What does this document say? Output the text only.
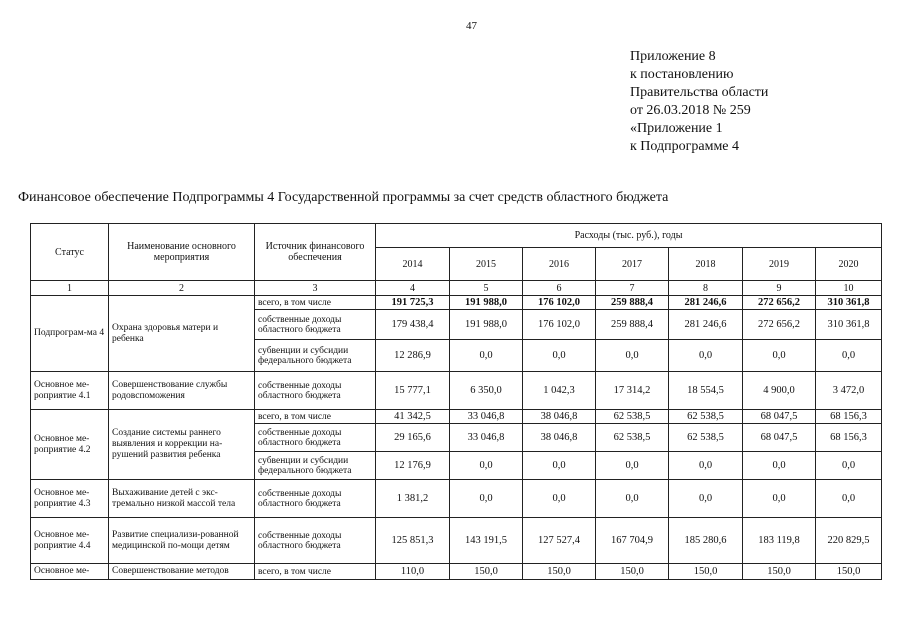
47
Приложение 8
к постановлению
Правительства области
от 26.03.2018 № 259
«Приложение 1
к Подпрограмме 4
Финансовое обеспечение Подпрограммы 4 Государственной программы за счет средств областного бюджета
Статус	Наименование основного мероприятия	Источник финансового обеспечения	Расходы (тыс. руб.), годы						
			2014	2015	2016	2017	2018	2019	2020
1	2	3	4	5	6	7	8	9	10
Подпрограм-ма 4	Охрана здоровья матери и ребенка	всего, в том числе	191 725,3	191 988,0	176 102,0	259 888,4	281 246,6	272 656,2	310 361,8
		собственные доходы областного бюджета	179 438,4	191 988,0	176 102,0	259 888,4	281 246,6	272 656,2	310 361,8
		субвенции и субсидии федерального бюджета	12 286,9	0,0	0,0	0,0	0,0	0,0	0,0
Основное ме-роприятие 4.1	Совершенствование службы родовспоможения	собственные доходы областного бюджета	15 777,1	6 350,0	1 042,3	17 314,2	18 554,5	4 900,0	3 472,0
Основное ме-роприятие 4.2	Создание системы раннего выявления и коррекции на-рушений развития ребенка	всего, в том числе	41 342,5	33 046,8	38 046,8	62 538,5	62 538,5	68 047,5	68 156,3
		собственные доходы областного бюджета	29 165,6	33 046,8	38 046,8	62 538,5	62 538,5	68 047,5	68 156,3
		субвенции и субсидии федерального бюджета	12 176,9	0,0	0,0	0,0	0,0	0,0	0,0
Основное ме-роприятие 4.3	Выхаживание детей с экс-тремально низкой массой тела	собственные доходы областного бюджета	1 381,2	0,0	0,0	0,0	0,0	0,0	0,0
Основное ме-роприятие 4.4	Развитие специализи-рованной медицинской по-мощи детям	собственные доходы областного бюджета	125 851,3	143 191,5	127 527,4	167 704,9	185 280,6	183 119,8	220 829,5
Основное ме-	Совершенствование методов	всего, в том числе	110,0	150,0	150,0	150,0	150,0	150,0	150,0
